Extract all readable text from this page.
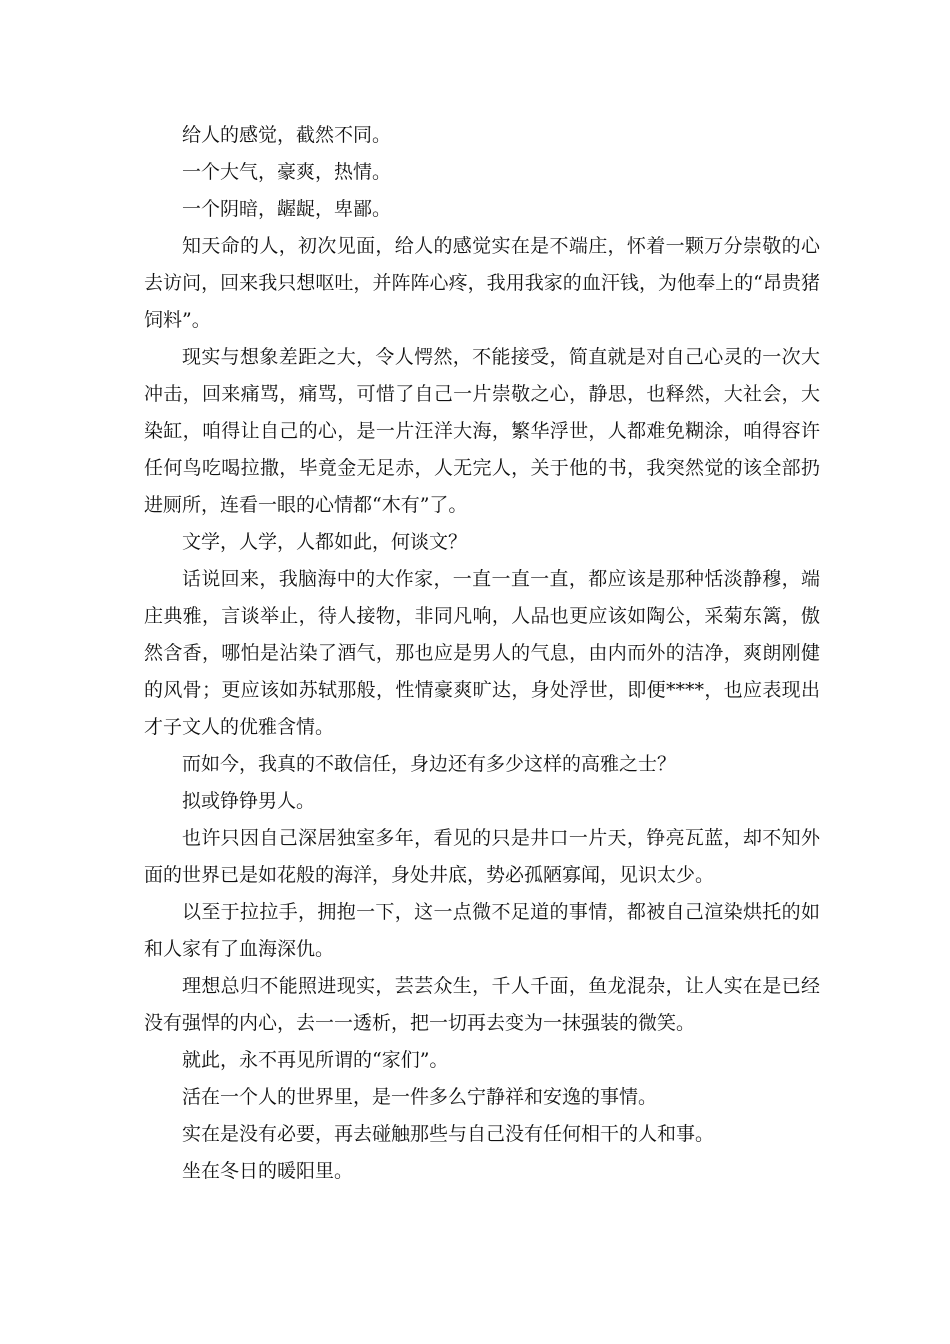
给人的感觉，截然不同。

一个大气，豪爽，热情。

一个阴暗，龌龊，卑鄙。

知天命的人，初次见面，给人的感觉实在是不端庄，怀着一颗万分崇敬的心去访问，回来我只想呕吐，并阵阵心疼，我用我家的血汗钱，为他奉上的“昂贵猪饲料”。

现实与想象差距之大，令人愕然，不能接受，简直就是对自己心灵的一次大冲击，回来痛骂，痛骂，可惜了自己一片崇敬之心，静思，也释然，大社会，大染缸，咱得让自己的心，是一片汪洋大海，繁华浮世，人都难免糊涂，咱得容许任何鸟吃喝拉撒，毕竟金无足赤，人无完人，关于他的书，我突然觉的该全部扔进厕所，连看一眼的心情都“木有”了。

文学，人学，人都如此，何谈文？

话说回来，我脑海中的大作家，一直一直一直，都应该是那种恬淡静穆，端庄典雅，言谈举止，待人接物，非同凡响，人品也更应该如陶公，采菊东篱，傲然含香，哪怕是沾染了酒气，那也应是男人的气息，由内而外的洁净，爽朗刚健的风骨；更应该如苏轼那般，性情豪爽旷达，身处浮世，即便****，也应表现出才子文人的优雅含情。

而如今，我真的不敢信任，身边还有多少这样的高雅之士？

拟或铮铮男人。

也许只因自己深居独室多年，看见的只是井口一片天，铮亮瓦蓝，却不知外面的世界已是如花般的海洋，身处井底，势必孤陋寡闻，见识太少。

以至于拉拉手，拥抱一下，这一点微不足道的事情，都被自己渲染烘托的如和人家有了血海深仇。

理想总归不能照进现实，芸芸众生，千人千面，鱼龙混杂，让人实在是已经没有强悍的内心，去一一透析，把一切再去变为一抹强装的微笑。

就此，永不再见所谓的“家们”。

活在一个人的世界里，是一件多么宁静祥和安逸的事情。

实在是没有必要，再去碰触那些与自己没有任何相干的人和事。

坐在冬日的暖阳里。
